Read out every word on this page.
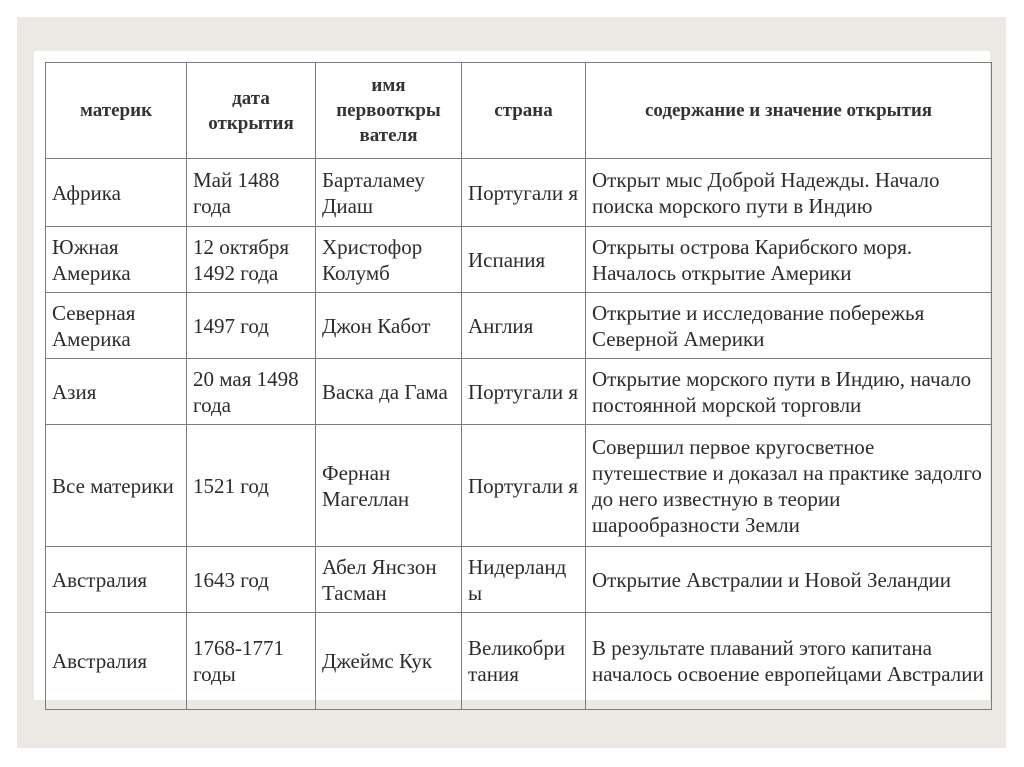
материк	дата открытия	имя первооткры вателя	страна	содержание и значение открытия
Африка	Май 1488 года	Барталамеу Диаш	Португали я	Открыт мыс Доброй Надежды. Начало поиска морского пути в Индию
Южная Америка	12 октября 1492 года	Христофор Колумб	Испания	Открыты острова Карибского моря. Началось открытие Америки
Северная Америка	1497 год	Джон Кабот	Англия	Открытие и исследование побережья Северной Америки
Азия	20 мая 1498 года	Васка да Гама	Португали я	Открытие морского пути в Индию, начало постоянной морской торговли
Все материки	1521 год	Фернан Магеллан	Португали я	Совершил первое кругосветное путешествие и доказал на практике задолго до него известную в теории шарообразности Земли
Австралия	1643 год	Абел Янсзон Тасман	Нидерланд ы	Открытие Австралии и Новой Зеландии
Австралия	1768-1771 годы	Джеймс Кук	Великобри тания	В результате плаваний этого капитана началось освоение европейцами Австралии
